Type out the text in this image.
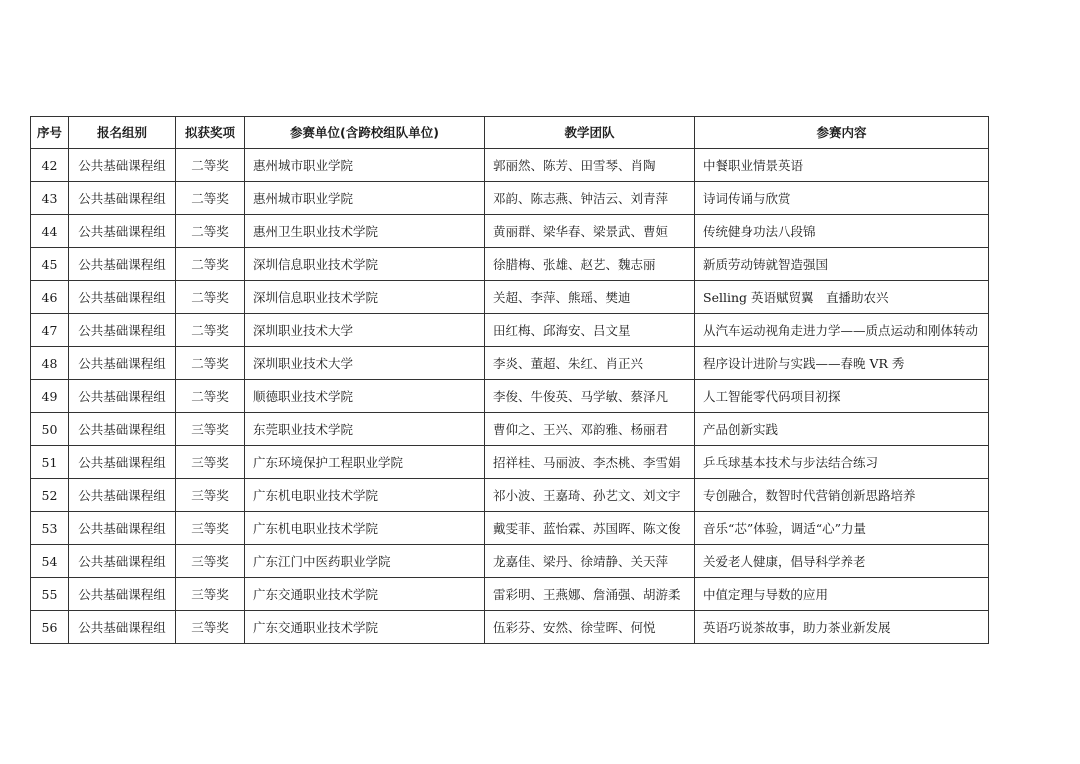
序号	报名组别	拟获奖项	参赛单位(含跨校组队单位)	教学团队	参赛内容
42	公共基础课程组	二等奖	惠州城市职业学院	郭丽然、陈芳、田雪琴、肖陶	中餐职业情景英语
43	公共基础课程组	二等奖	惠州城市职业学院	邓韵、陈志燕、钟洁云、刘青萍	诗词传诵与欣赏
44	公共基础课程组	二等奖	惠州卫生职业技术学院	黄丽群、梁华春、梁景武、曹姮	传统健身功法八段锦
45	公共基础课程组	二等奖	深圳信息职业技术学院	徐腊梅、张雄、赵艺、魏志丽	新质劳动铸就智造强国
46	公共基础课程组	二等奖	深圳信息职业技术学院	关超、李萍、熊瑶、樊迪	Selling 英语赋贸翼　直播助农兴
47	公共基础课程组	二等奖	深圳职业技术大学	田红梅、邱海安、吕文星	从汽车运动视角走进力学——质点运动和刚体转动
48	公共基础课程组	二等奖	深圳职业技术大学	李炎、董超、朱红、肖正兴	程序设计进阶与实践——春晚 VR 秀
49	公共基础课程组	二等奖	顺德职业技术学院	李俊、牛俊英、马学敏、蔡泽凡	人工智能零代码项目初探
50	公共基础课程组	三等奖	东莞职业技术学院	曹仰之、王兴、邓韵雅、杨丽君	产品创新实践
51	公共基础课程组	三等奖	广东环境保护工程职业学院	招祥桂、马丽波、李杰桃、李雪娟	乒乓球基本技术与步法结合练习
52	公共基础课程组	三等奖	广东机电职业技术学院	祁小波、王嘉琦、孙艺文、刘文宇	专创融合，数智时代营销创新思路培养
53	公共基础课程组	三等奖	广东机电职业技术学院	戴雯菲、蓝怡霖、苏国晖、陈文俊	音乐“芯”体验，调适“心”力量
54	公共基础课程组	三等奖	广东江门中医药职业学院	龙嘉佳、梁丹、徐靖静、关天萍	关爱老人健康，倡导科学养老
55	公共基础课程组	三等奖	广东交通职业技术学院	雷彩明、王燕娜、詹涌强、胡游柔	中值定理与导数的应用
56	公共基础课程组	三等奖	广东交通职业技术学院	伍彩芬、安然、徐莹晖、何悦	英语巧说茶故事，助力茶业新发展
